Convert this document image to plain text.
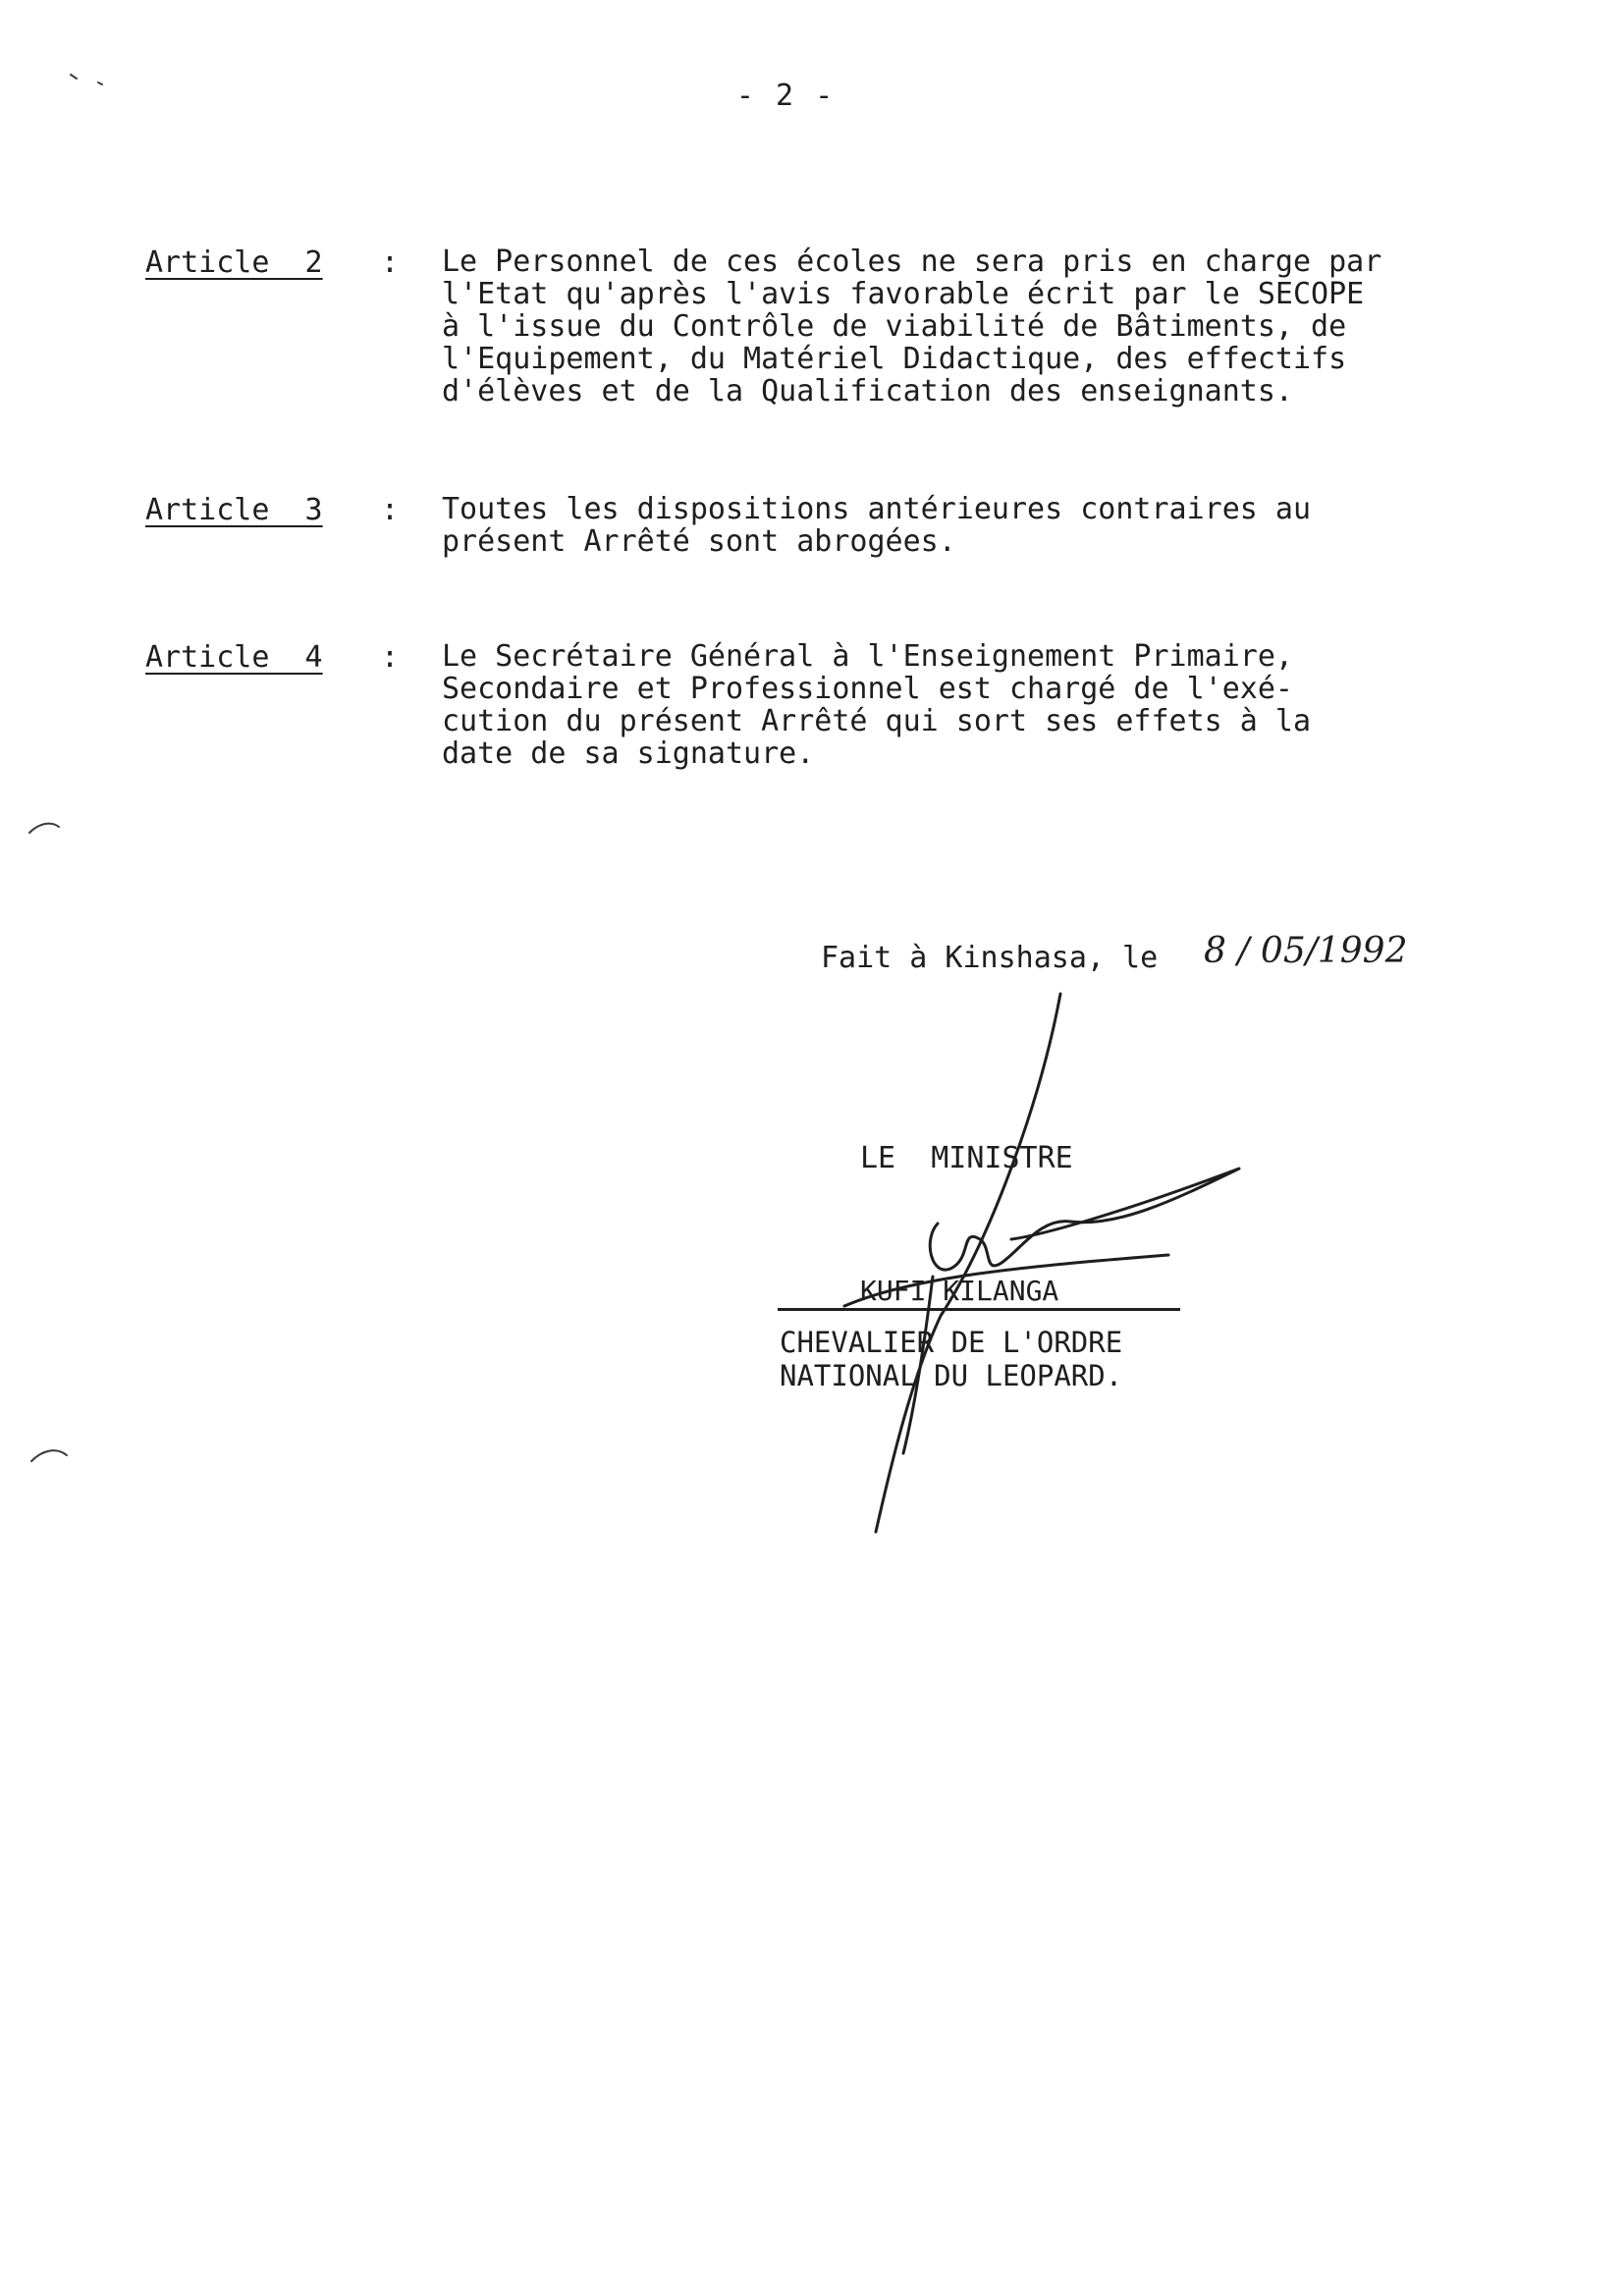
- 2 -
Article  2 : Le Personnel de ces écoles ne sera pris en charge par
l'Etat qu'après l'avis favorable écrit par le SECOPE
à l'issue du Contrôle de viabilité de Bâtiments, de
l'Equipement, du Matériel Didactique, des effectifs
d'élèves et de la Qualification des enseignants.
Article  3 : Toutes les dispositions antérieures contraires au
présent Arrêté sont abrogées.
Article  4 : Le Secrétaire Général à l'Enseignement Primaire,
Secondaire et Professionnel est chargé de l'exé-
cution du présent Arrêté qui sort ses effets à la
date de sa signature.
Fait à Kinshasa, le 8 / 05/1992
LE  MINISTRE
KUFI KILANGA
CHEVALIER DE L'ORDRE
NATIONAL DU LEOPARD.
